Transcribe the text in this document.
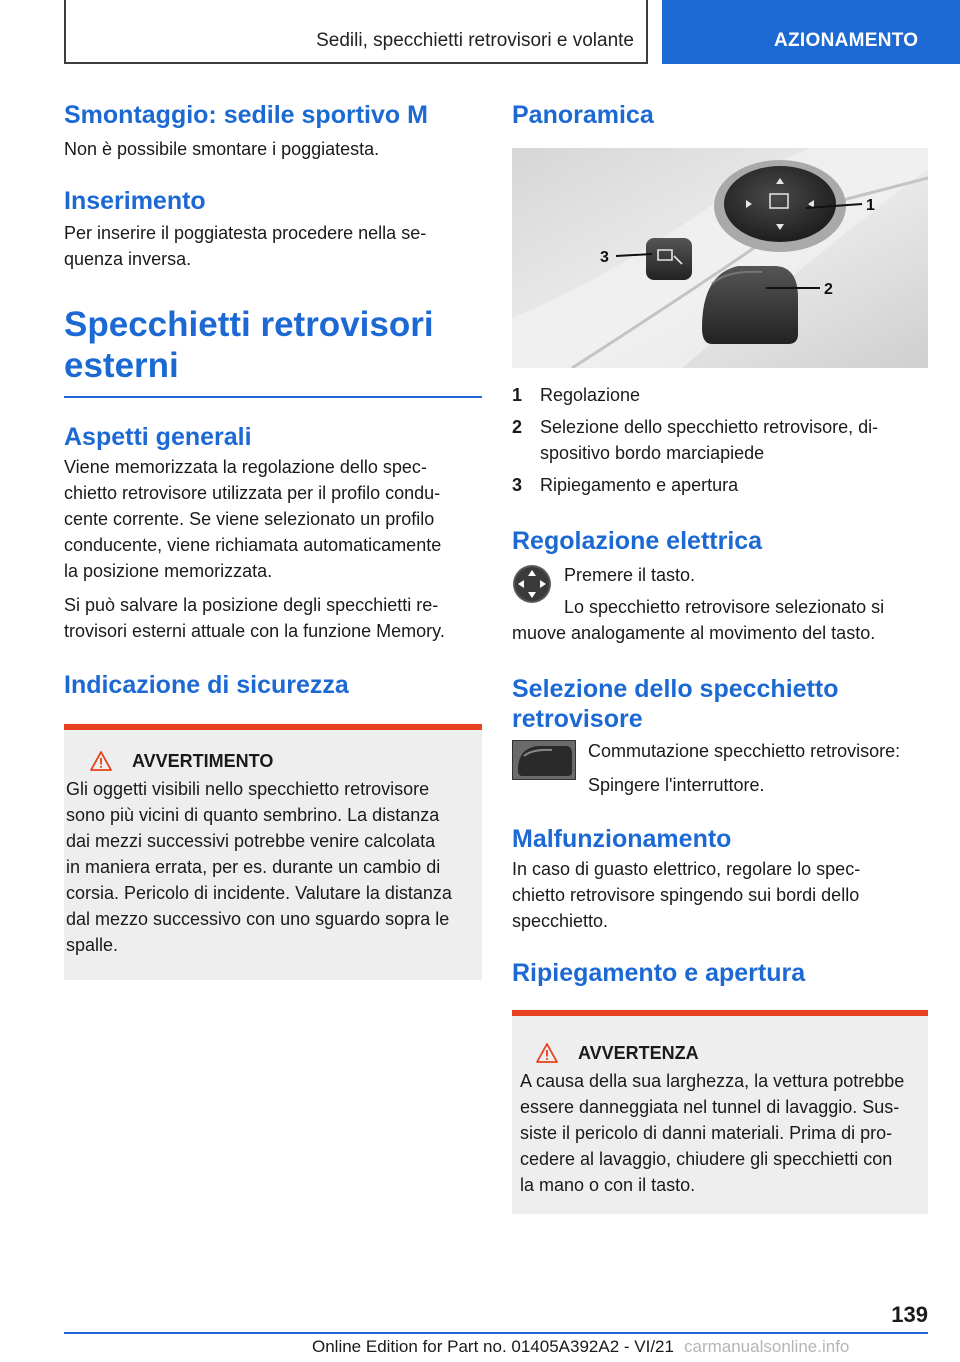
Sedili, specchietti retrovisori e volante	AZIONAMENTO
Smontaggio: sedile sportivo M
Non è possibile smontare i poggiatesta.
Inserimento
Per inserire il poggiatesta procedere nella se-
quenza inversa.
Specchietti retrovisori
esterni
Aspetti generali
Viene memorizzata la regolazione dello spec-
chietto retrovisore utilizzata per il profilo condu-
cente corrente. Se viene selezionato un profilo
conducente, viene richiamata automaticamente
la posizione memorizzata.
Si può salvare la posizione degli specchietti re-
trovisori esterni attuale con la funzione Memory.
Indicazione di sicurezza
AVVERTIMENTO
Gli oggetti visibili nello specchietto retrovisore
sono più vicini di quanto sembrino. La distanza
dai mezzi successivi potrebbe venire calcolata
in maniera errata, per es. durante un cambio di
corsia. Pericolo di incidente. Valutare la distanza
dal mezzo successivo con uno sguardo sopra le
spalle.
Panoramica
1
2
3
1 Regolazione
2 Selezione dello specchietto retrovisore, di-
spositivo bordo marciapiede
3 Ripiegamento e apertura
Regolazione elettrica
Premere il tasto.
Lo specchietto retrovisore selezionato si
muove analogamente al movimento del tasto.
Selezione dello specchietto
retrovisore
Commutazione specchietto retrovisore:
Spingere l'interruttore.
Malfunzionamento
In caso di guasto elettrico, regolare lo spec-
chietto retrovisore spingendo sui bordi dello
specchietto.
Ripiegamento e apertura
AVVERTENZA
A causa della sua larghezza, la vettura potrebbe
essere danneggiata nel tunnel di lavaggio. Sus-
siste il pericolo di danni materiali. Prima di pro-
cedere al lavaggio, chiudere gli specchietti con
la mano o con il tasto.
139
Online Edition for Part no. 01405A392A2 - VI/21 carmanualsonline.info
